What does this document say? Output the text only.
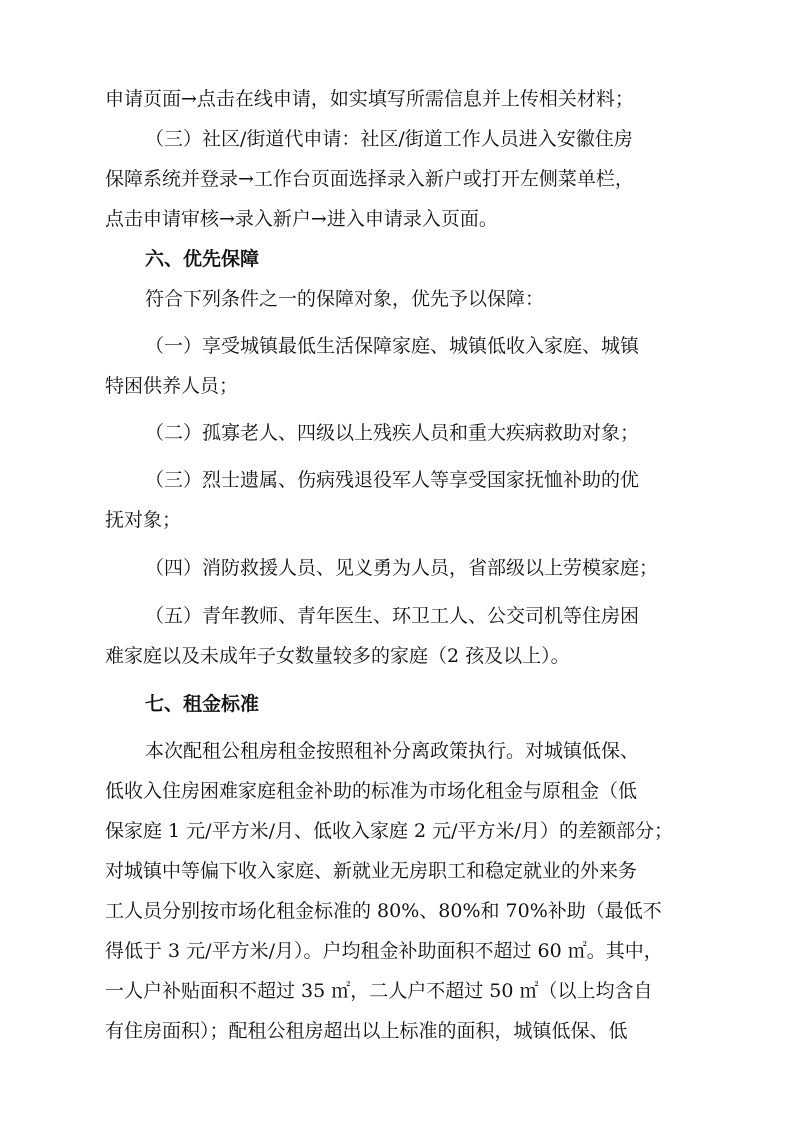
申请页面→点击在线申请，如实填写所需信息并上传相关材料；
（三）社区/街道代申请：社区/街道工作人员进入安徽住房
保障系统并登录→工作台页面选择录入新户或打开左侧菜单栏，
点击申请审核→录入新户→进入申请录入页面。
六、优先保障
符合下列条件之一的保障对象，优先予以保障：
（一）享受城镇最低生活保障家庭、城镇低收入家庭、城镇
特困供养人员；
（二）孤寡老人、四级以上残疾人员和重大疾病救助对象；
（三）烈士遗属、伤病残退役军人等享受国家抚恤补助的优
抚对象；
（四）消防救援人员、见义勇为人员，省部级以上劳模家庭；
（五）青年教师、青年医生、环卫工人、公交司机等住房困
难家庭以及未成年子女数量较多的家庭（2 孩及以上）。
七、租金标准
本次配租公租房租金按照租补分离政策执行。对城镇低保、
低收入住房困难家庭租金补助的标准为市场化租金与原租金（低
保家庭 1 元/平方米/月、低收入家庭 2 元/平方米/月）的差额部分；
对城镇中等偏下收入家庭、新就业无房职工和稳定就业的外来务
工人员分别按市场化租金标准的 80%、80%和 70%补助（最低不
得低于 3 元/平方米/月）。户均租金补助面积不超过 60 ㎡。其中，
一人户补贴面积不超过 35 ㎡，二人户不超过 50 ㎡（以上均含自
有住房面积）；配租公租房超出以上标准的面积，城镇低保、低
